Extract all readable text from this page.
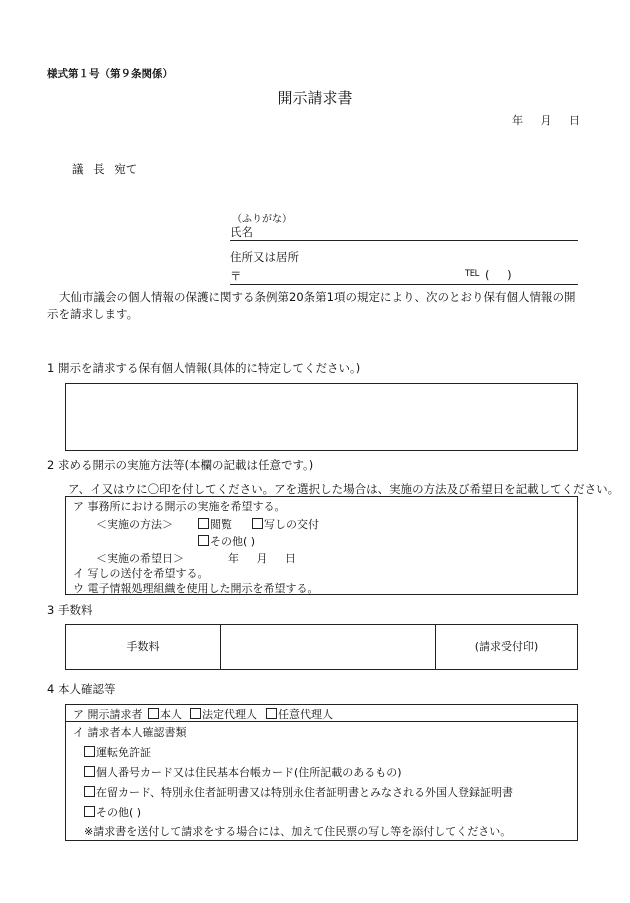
様式第１号（第９条関係）
開示請求書
年 月 日
議 長 宛て
（ふりがな）
氏名
住所又は居所
〒	TEL ( )
大仙市議会の個人情報の保護に関する条例第20条第1項の規定により、次のとおり保有個人情報の開示を請求します。
1 開示を請求する保有個人情報(具体的に特定してください。)
2 求める開示の実施方法等(本欄の記載は任意です。)
ア、イ又はウに〇印を付してください。アを選択した場合は、実施の方法及び希望日を記載してください。
ア 事務所における開示の実施を希望する。
＜実施の方法＞	閲覧	写しの交付
その他( )
＜実施の希望日＞	年 月 日
イ 写しの送付を希望する。
ウ 電子情報処理組織を使用した開示を希望する。
3 手数料
手数料	(請求受付印)
4 本人確認等
ア 開示請求者	本人	法定代理人	任意代理人
イ 請求者本人確認書類
運転免許証
個人番号カード又は住民基本台帳カード(住所記載のあるもの)
在留カード、特別永住者証明書又は特別永住者証明書とみなされる外国人登録証明書
その他( )
※請求書を送付して請求をする場合には、加えて住民票の写し等を添付してください。
